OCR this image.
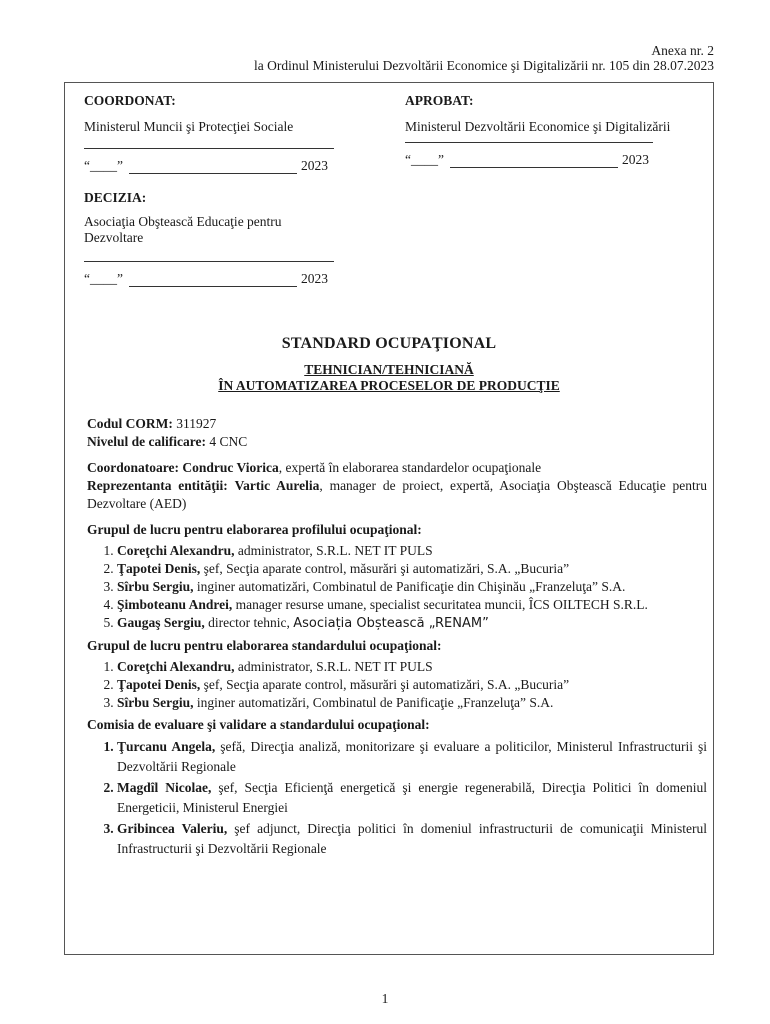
Anexa nr. 2
la Ordinul Ministerului Dezvoltării Economice şi Digitalizării nr. 105 din 28.07.2023

COORDONAT:

Ministerul Muncii şi Protecţiei Sociale

“____”	2023

DECIZIA:

Asociaţia Obştească Educaţie pentru

Dezvoltare

“____”	2023

APROBAT:

Ministerul Dezvoltării Economice şi Digitalizării

“____”	2023
STANDARD OCUPAŢIONAL
TEHNICIAN/TEHNICIANĂ
ÎN AUTOMATIZAREA PROCESELOR DE PRODUCŢIE

Codul CORM: 311927

Nivelul de calificare: 4 CNC

Coordonatoare: Condruc Viorica, expertă în elaborarea standardelor ocupaţionale

Reprezentanta entităţii: Vartic Aurelia, manager de proiect, expertă, Asociaţia Obştească Educaţie pentru Dezvoltare (AED)

Grupul de lucru pentru elaborarea profilului ocupaţional:

1. Coreţchi Alexandru, administrator, S.R.L. NET IT PULS
2. Ţapotei Denis, şef, Secţia aparate control, măsurări şi automatizări, S.A. „Bucuria”
3. Sîrbu Sergiu, inginer automatizări, Combinatul de Panificaţie din Chişinău „Franzeluţa” S.A.
4. Şimboteanu Andrei, manager resurse umane, specialist securitatea muncii, ÎCS OILTECH S.R.L.
5. Gaugaş Sergiu, director tehnic, Asociația Obștească „RENAM”

Grupul de lucru pentru elaborarea standardului ocupaţional:

1. Coreţchi Alexandru, administrator, S.R.L. NET IT PULS
2. Ţapotei Denis, şef, Secţia aparate control, măsurări şi automatizări, S.A. „Bucuria”
3. Sîrbu Sergiu, inginer automatizări, Combinatul de Panificaţie „Franzeluţa” S.A.

Comisia de evaluare şi validare a standardului ocupaţional:

1. Ţurcanu Angela, şefă, Direcţia analiză, monitorizare şi evaluare a politicilor, Ministerul Infrastructurii şi Dezvoltării Regionale
2. Magdîl Nicolae, şef, Secţia Eficienţă energetică şi energie regenerabilă, Direcţia Politici în domeniul Energeticii, Ministerul Energiei
3. Gribincea Valeriu, şef adjunct, Direcţia politici în domeniul infrastructurii de comunicaţii Ministerul Infrastructurii şi Dezvoltării Regionale
1
